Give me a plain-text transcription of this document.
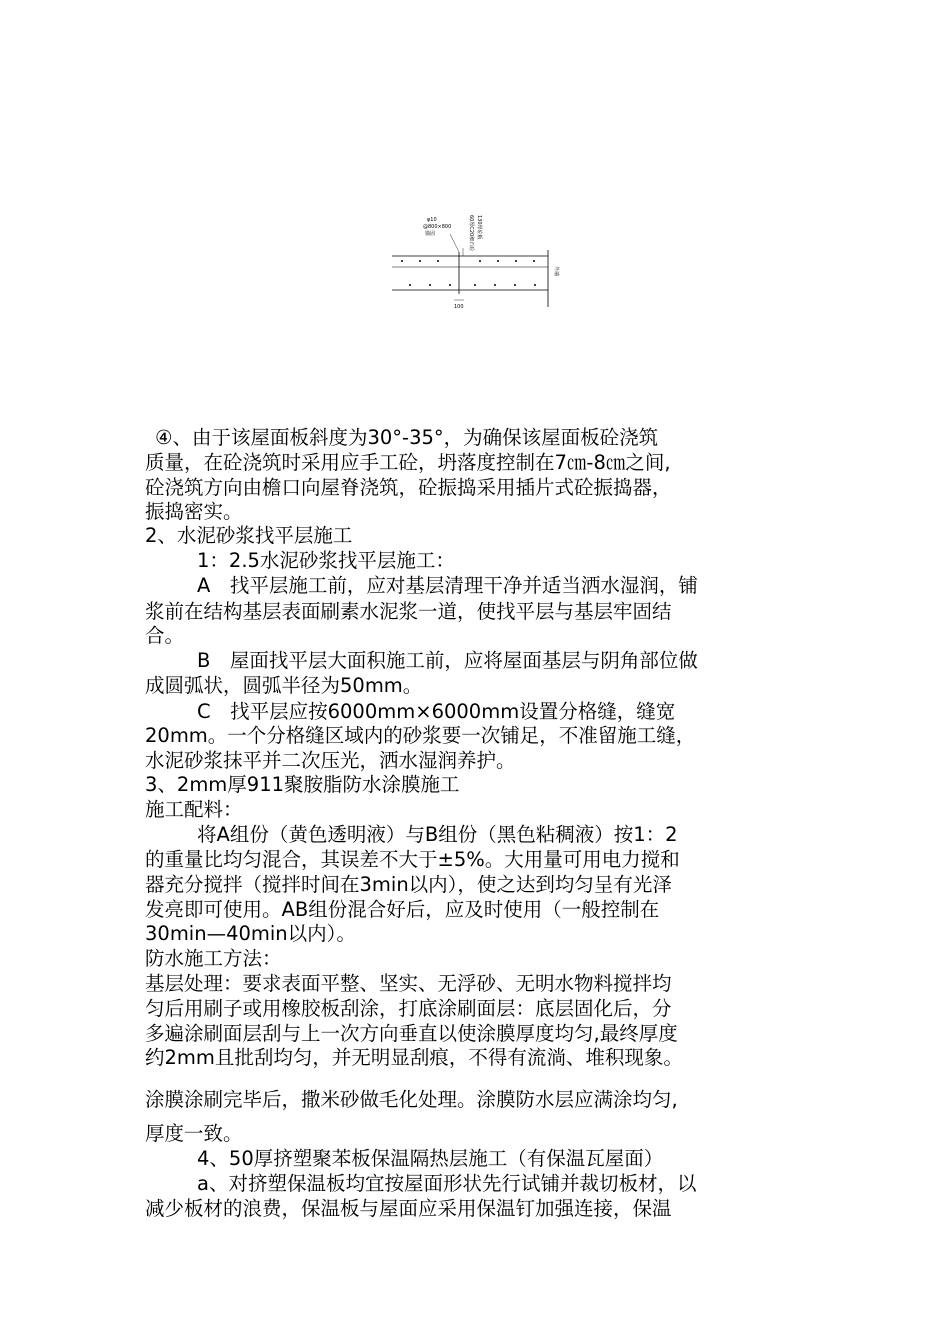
φ10
@800×800
锚固	60厚C20细石砼 130厚砼板
外墙
100
④、由于该屋面板斜度为30°-35°，为确保该屋面板砼浇筑
质量，在砼浇筑时采用应手工砼，坍落度控制在7㎝-8㎝之间,
砼浇筑方向由檐口向屋脊浇筑，砼振捣采用插片式砼振捣器，
振捣密实。
2、水泥砂浆找平层施工
1：2.5水泥砂浆找平层施工：
A　找平层施工前，应对基层清理干净并适当洒水湿润，铺
浆前在结构基层表面刷素水泥浆一道，使找平层与基层牢固结
合。
B　屋面找平层大面积施工前，应将屋面基层与阴角部位做
成圆弧状，圆弧半径为50mm。
C　找平层应按6000mm×6000mm设置分格缝，缝宽
20mm。一个分格缝区域内的砂浆要一次铺足，不准留施工缝，
水泥砂浆抹平并二次压光，洒水湿润养护。
3、2mm厚911聚胺脂防水涂膜施工
施工配料：
将A组份（黄色透明液）与B组份（黑色粘稠液）按1：2
的重量比均匀混合，其误差不大于±5%。大用量可用电力搅和
器充分搅拌（搅拌时间在3min以内），使之达到均匀呈有光泽
发亮即可使用。AB组份混合好后，应及时使用（一般控制在
30min—40min以内）。
防水施工方法：
基层处理：要求表面平整、坚实、无浮砂、无明水物料搅拌均
匀后用刷子或用橡胶板刮涂，打底涂刷面层：底层固化后，分
多遍涂刷面层刮与上一次方向垂直以使涂膜厚度均匀,最终厚度
约2mm且批刮均匀，并无明显刮痕，不得有流淌、堆积现象。
涂膜涂刷完毕后，撒米砂做毛化处理。涂膜防水层应满涂均匀,
厚度一致。
4、50厚挤塑聚苯板保温隔热层施工（有保温瓦屋面）
a、对挤塑保温板均宜按屋面形状先行试铺并裁切板材，以
减少板材的浪费，保温板与屋面应采用保温钉加强连接，保温
